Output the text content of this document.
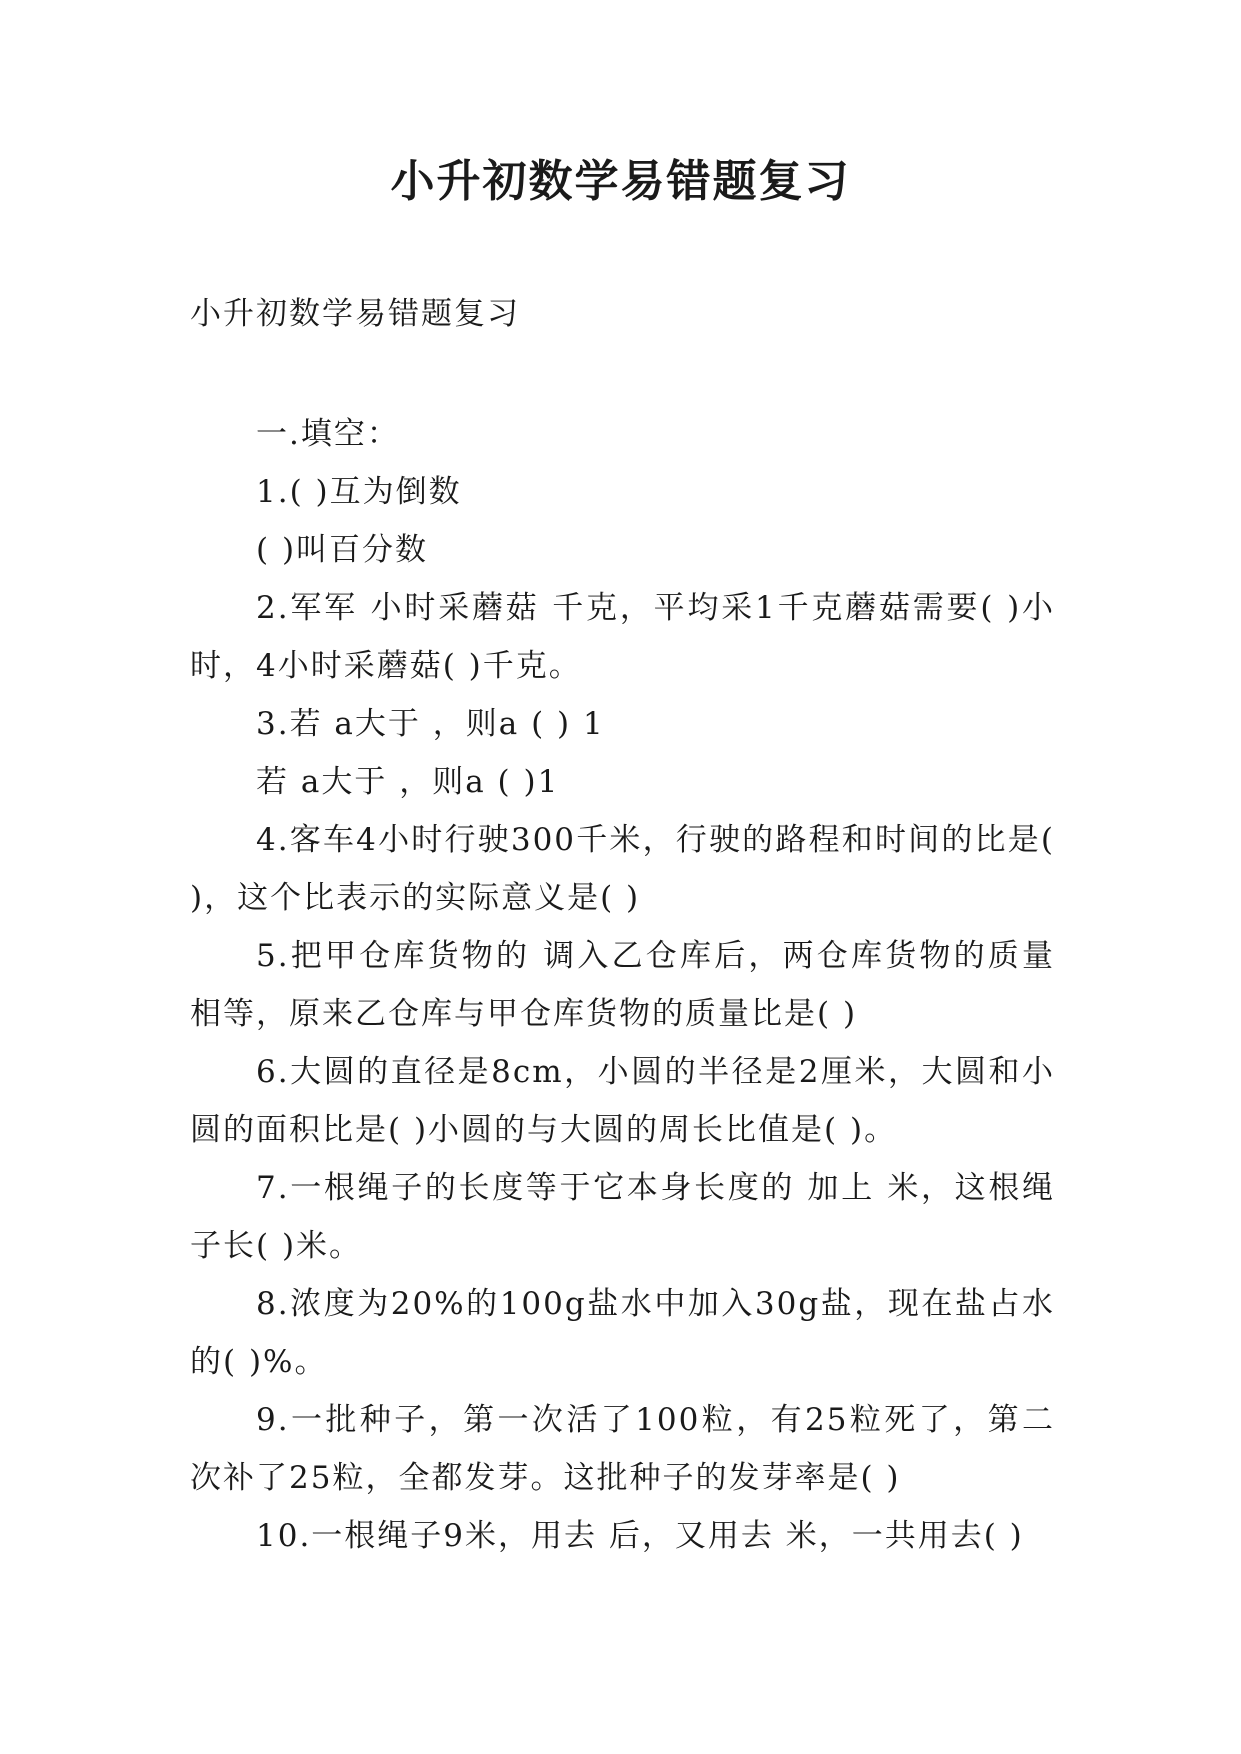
小升初数学易错题复习
小升初数学易错题复习

一.填空：

1.( )互为倒数

( )叫百分数

2.军军 小时采蘑菇 千克，平均采1千克蘑菇需要( )小时，4小时采蘑菇( )千克。

3.若 a大于 ，则a ( ) 1

若 a大于 ，则a ( )1

4.客车4小时行驶300千米，行驶的路程和时间的比是( )，这个比表示的实际意义是( )

5.把甲仓库货物的 调入乙仓库后，两仓库货物的质量相等，原来乙仓库与甲仓库货物的质量比是( )

6.大圆的直径是8cm，小圆的半径是2厘米，大圆和小圆的面积比是( )小圆的与大圆的周长比值是( )。

7.一根绳子的长度等于它本身长度的 加上 米，这根绳子长( )米。

8.浓度为20%的100g盐水中加入30g盐，现在盐占水的( )%。

9.一批种子，第一次活了100粒，有25粒死了，第二次补了25粒，全都发芽。这批种子的发芽率是( )

10.一根绳子9米，用去 后，又用去 米，一共用去( )
